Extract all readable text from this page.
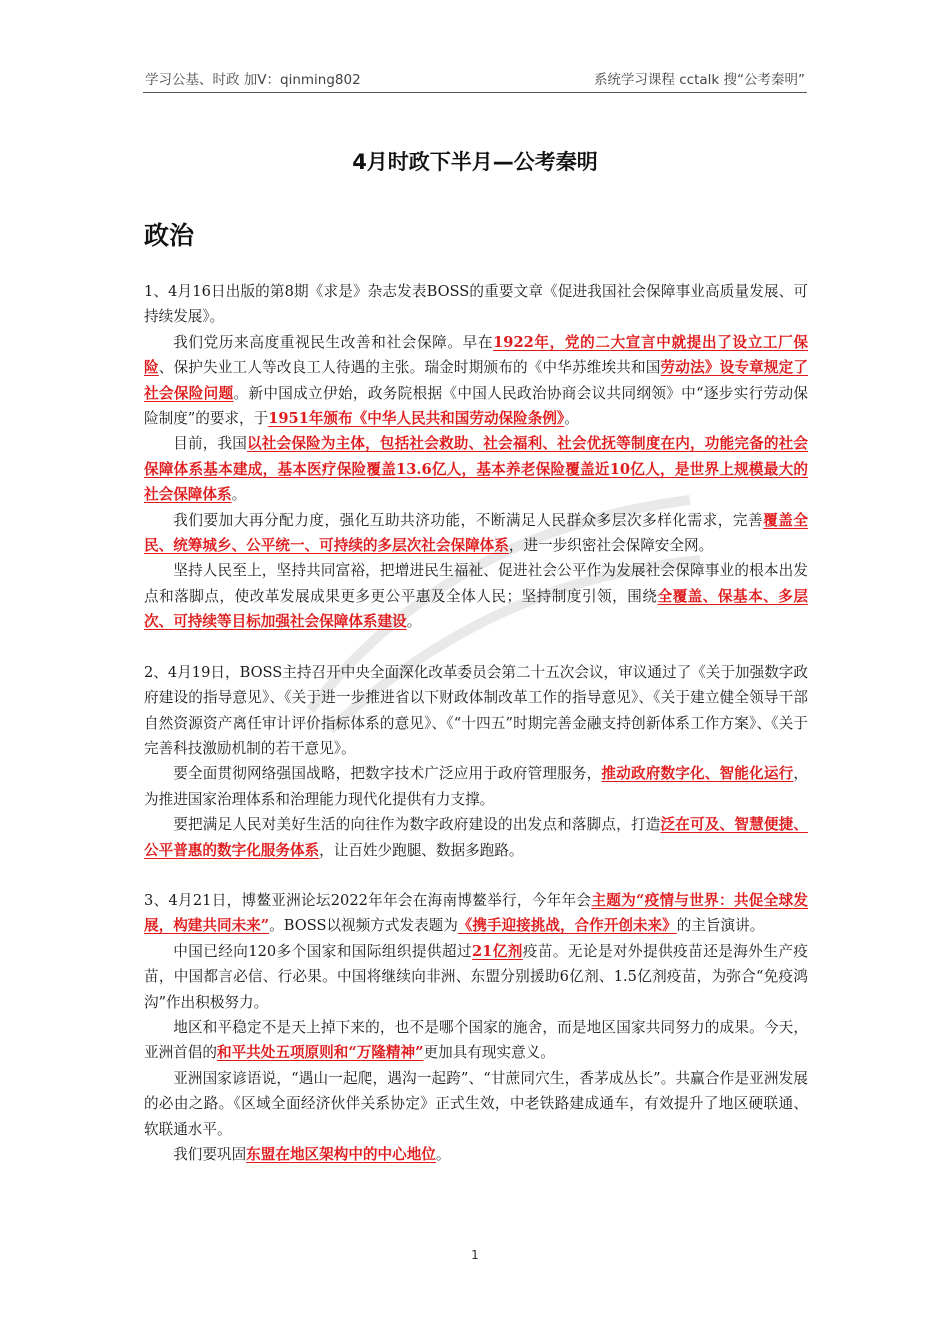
学习公基、时政 加V：qinming802	系统学习课程 cctalk 搜“公考秦明”
4月时政下半月—公考秦明
政治

1、4月16日出版的第8期《求是》杂志发表BOSS的重要文章《促进我国社会保障事业高质量发展、可持续发展》。

我们党历来高度重视民生改善和社会保障。早在1922年，党的二大宣言中就提出了设立工厂保险、保护失业工人等改良工人待遇的主张。瑞金时期颁布的《中华苏维埃共和国劳动法》设专章规定了社会保险问题。新中国成立伊始，政务院根据《中国人民政治协商会议共同纲领》中“逐步实行劳动保险制度”的要求，于1951年颁布《中华人民共和国劳动保险条例》。

目前，我国以社会保险为主体，包括社会救助、社会福利、社会优抚等制度在内，功能完备的社会保障体系基本建成，基本医疗保险覆盖13.6亿人，基本养老保险覆盖近10亿人，是世界上规模最大的社会保障体系。

我们要加大再分配力度，强化互助共济功能，不断满足人民群众多层次多样化需求，完善覆盖全民、统筹城乡、公平统一、可持续的多层次社会保障体系，进一步织密社会保障安全网。

坚持人民至上，坚持共同富裕，把增进民生福祉、促进社会公平作为发展社会保障事业的根本出发点和落脚点，使改革发展成果更多更公平惠及全体人民；坚持制度引领，围绕全覆盖、保基本、多层次、可持续等目标加强社会保障体系建设。

2、4月19日，BOSS主持召开中央全面深化改革委员会第二十五次会议，审议通过了《关于加强数字政府建设的指导意见》、《关于进一步推进省以下财政体制改革工作的指导意见》、《关于建立健全领导干部自然资源资产离任审计评价指标体系的意见》、《“十四五”时期完善金融支持创新体系工作方案》、《关于完善科技激励机制的若干意见》。

要全面贯彻网络强国战略，把数字技术广泛应用于政府管理服务，推动政府数字化、智能化运行，为推进国家治理体系和治理能力现代化提供有力支撑。

要把满足人民对美好生活的向往作为数字政府建设的出发点和落脚点，打造泛在可及、智慧便捷、公平普惠的数字化服务体系，让百姓少跑腿、数据多跑路。

3、4月21日，博鳌亚洲论坛2022年年会在海南博鳌举行，今年年会主题为“疫情与世界：共促全球发展，构建共同未来”。BOSS以视频方式发表题为《携手迎接挑战，合作开创未来》的主旨演讲。

中国已经向120多个国家和国际组织提供超过21亿剂疫苗。无论是对外提供疫苗还是海外生产疫苗，中国都言必信、行必果。中国将继续向非洲、东盟分别援助6亿剂、1.5亿剂疫苗，为弥合“免疫鸿沟”作出积极努力。

地区和平稳定不是天上掉下来的，也不是哪个国家的施舍，而是地区国家共同努力的成果。今天，亚洲首倡的和平共处五项原则和“万隆精神”更加具有现实意义。

亚洲国家谚语说，“遇山一起爬，遇沟一起跨”、“甘蔗同穴生，香茅成丛长”。共赢合作是亚洲发展的必由之路。《区域全面经济伙伴关系协定》正式生效，中老铁路建成通车，有效提升了地区硬联通、软联通水平。

我们要巩固东盟在地区架构中的中心地位。

1
